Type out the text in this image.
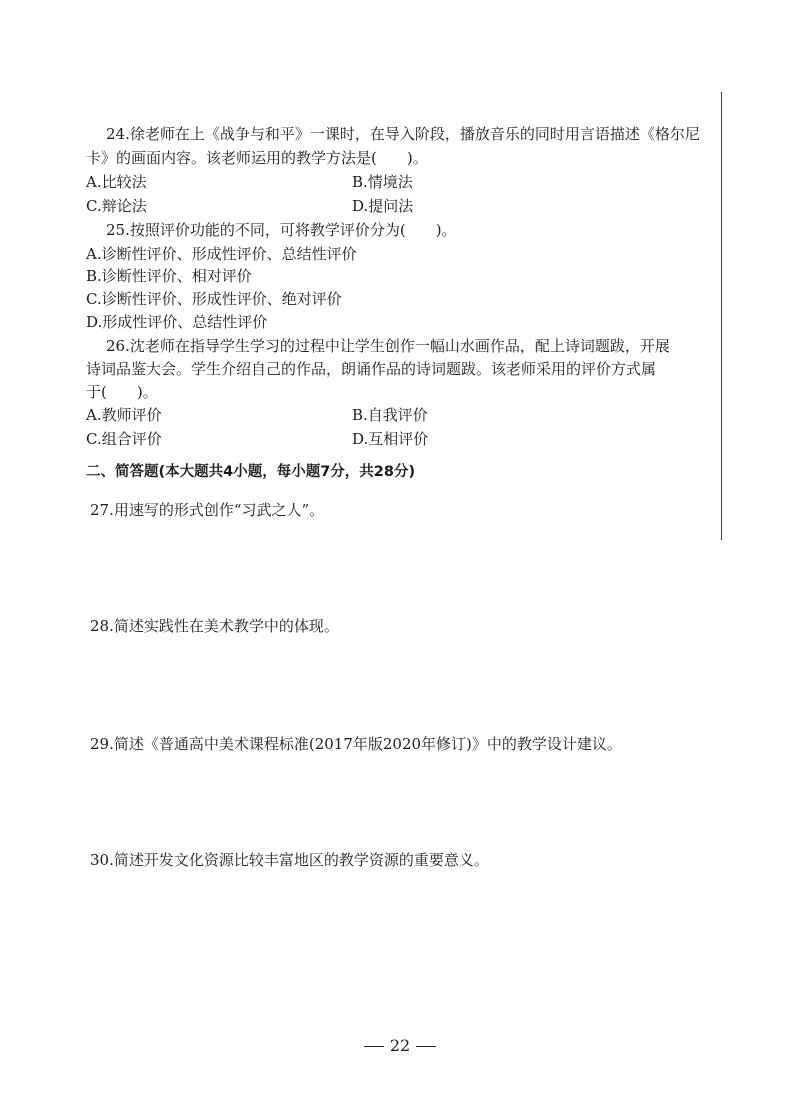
24.徐老师在上《战争与和平》一课时，在导入阶段，播放音乐的同时用言语描述《格尔尼
卡》的画面内容。该老师运用的教学方法是(　　)。
A.比较法	B.情境法
C.辩论法	D.提问法
25.按照评价功能的不同，可将教学评价分为(　　)。
A.诊断性评价、形成性评价、总结性评价
B.诊断性评价、相对评价
C.诊断性评价、形成性评价、绝对评价
D.形成性评价、总结性评价
26.沈老师在指导学生学习的过程中让学生创作一幅山水画作品，配上诗词题跋，开展
诗词品鉴大会。学生介绍自己的作品，朗诵作品的诗词题跋。该老师采用的评价方式属
于(　　)。
A.教师评价	B.自我评价
C.组合评价	D.互相评价
二、简答题(本大题共4小题，每小题7分，共28分)
27.用速写的形式创作“习武之人”。
28.简述实践性在美术教学中的体现。
29.简述《普通高中美术课程标准(2017年版2020年修订)》中的教学设计建议。
30.简述开发文化资源比较丰富地区的教学资源的重要意义。
22
